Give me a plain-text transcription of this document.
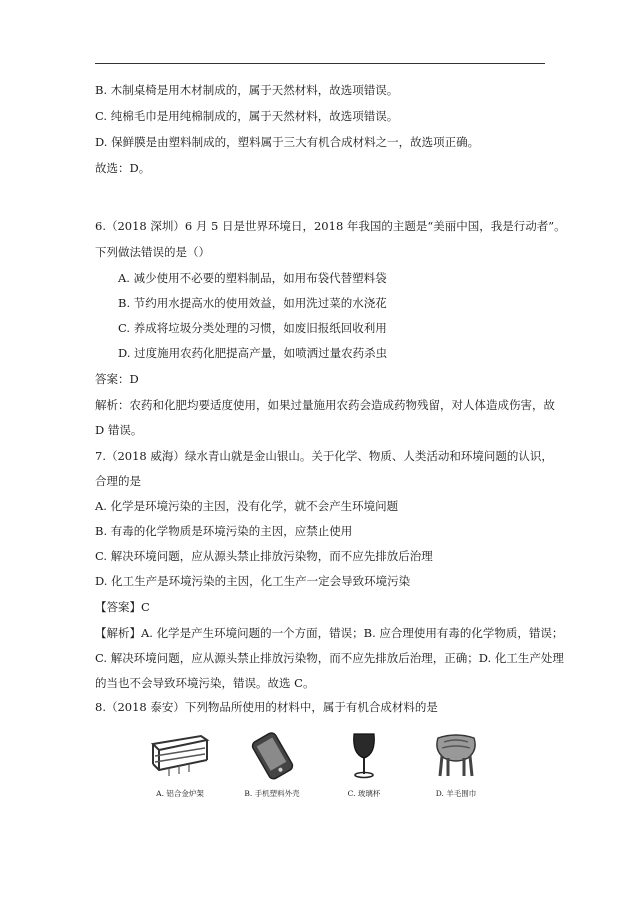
B. 木制桌椅是用木材制成的，属于天然材料，故选项错误。
C. 纯棉毛巾是用纯棉制成的，属于天然材料，故选项错误。
D. 保鲜膜是由塑料制成的，塑料属于三大有机合成材料之一，故选项正确。
故选：D。
6.（2018 深圳）6 月 5 日是世界环境日，2018 年我国的主题是“美丽中国，我是行动者”。
下列做法错误的是（）
A. 减少使用不必要的塑料制品，如用布袋代替塑料袋
B. 节约用水提高水的使用效益，如用洗过菜的水浇花
C. 养成将垃圾分类处理的习惯，如废旧报纸回收利用
D. 过度施用农药化肥提高产量，如喷洒过量农药杀虫
答案：D
解析：农药和化肥均要适度使用，如果过量施用农药会造成药物残留，对人体造成伤害，故
D 错误。
7.（2018 威海）绿水青山就是金山银山。关于化学、物质、人类活动和环境问题的认识，
合理的是
A. 化学是环境污染的主因，没有化学，就不会产生环境问题
B. 有毒的化学物质是环境污染的主因，应禁止使用
C. 解决环境问题，应从源头禁止排放污染物，而不应先排放后治理
D. 化工生产是环境污染的主因，化工生产一定会导致环境污染
【答案】C
【解析】A. 化学是产生环境问题的一个方面，错误；B. 应合理使用有毒的化学物质，错误；
C. 解决环境问题，应从源头禁止排放污染物，而不应先排放后治理，正确；D. 化工生产处理
的当也不会导致环境污染，错误。故选 C。
8.（2018 泰安）下列物品所使用的材料中，属于有机合成材料的是
A. 铝合金炉架	B. 手机塑料外壳	C. 玻璃杯	D. 羊毛围巾
